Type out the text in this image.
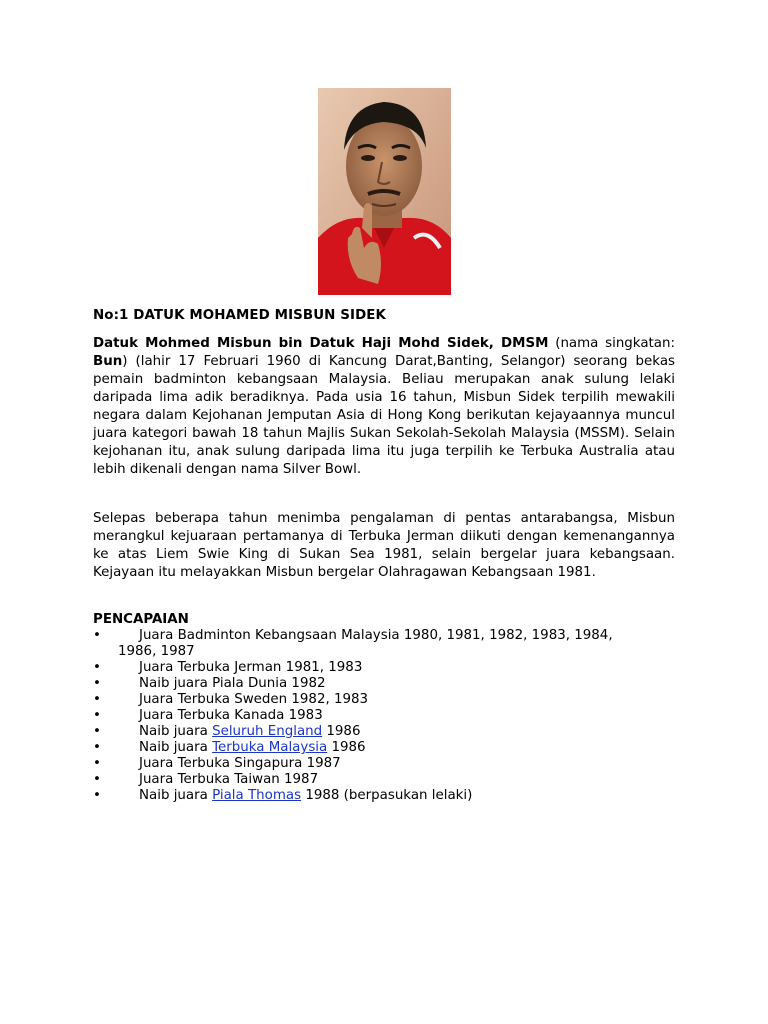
No:1 DATUK MOHAMED MISBUN SIDEK
Datuk Mohmed Misbun bin Datuk Haji Mohd Sidek, DMSM (nama singkatan: Bun) (lahir 17 Februari 1960 di Kancung Darat,Banting, Selangor) seorang bekas pemain badminton kebangsaan Malaysia. Beliau merupakan anak sulung lelaki daripada lima adik beradiknya. Pada usia 16 tahun, Misbun Sidek terpilih mewakili negara dalam Kejohanan Jemputan Asia di Hong Kong berikutan kejayaannya muncul juara kategori bawah 18 tahun Majlis Sukan Sekolah-Sekolah Malaysia (MSSM). Selain kejohanan itu, anak sulung daripada lima itu juga terpilih ke Terbuka Australia atau lebih dikenali dengan nama Silver Bowl.
Selepas beberapa tahun menimba pengalaman di pentas antarabangsa, Misbun merangkul kejuaraan pertamanya di Terbuka Jerman diikuti dengan kemenangannya ke atas Liem Swie King di Sukan Sea 1981, selain bergelar juara kebangsaan. Kejayaan itu melayakkan Misbun bergelar Olahragawan Kebangsaan 1981.
PENCAPAIAN
•	Juara Badminton Kebangsaan Malaysia 1980, 1981, 1982, 1983, 1984,
1986, 1987
•	Juara Terbuka Jerman 1981, 1983
•	Naib juara Piala Dunia 1982
•	Juara Terbuka Sweden 1982, 1983
•	Juara Terbuka Kanada 1983
•	Naib juara Seluruh England 1986
•	Naib juara Terbuka Malaysia 1986
•	Juara Terbuka Singapura 1987
•	Juara Terbuka Taiwan 1987
•	Naib juara Piala Thomas 1988 (berpasukan lelaki)
